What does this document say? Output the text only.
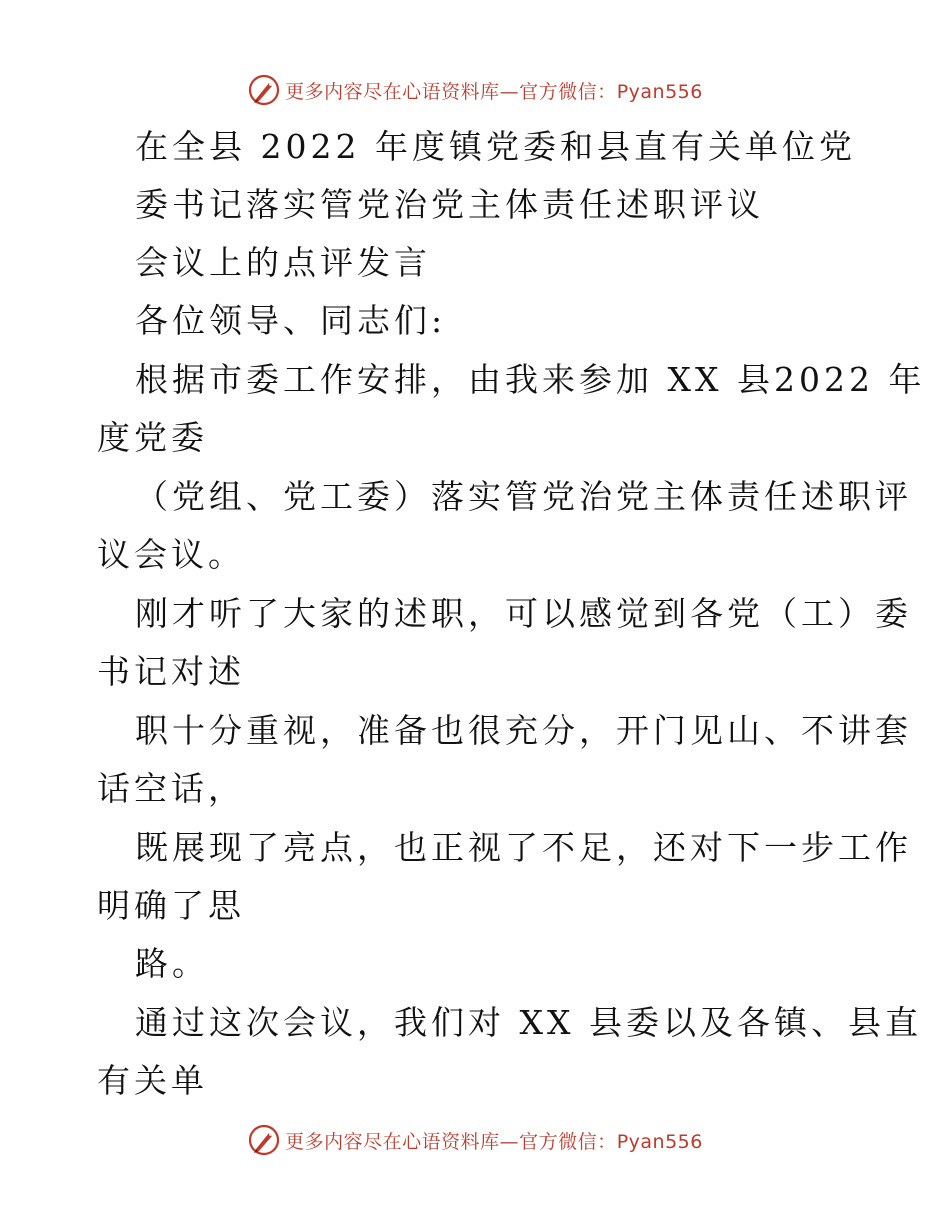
更多内容尽在心语资料库—官方微信：Pyan556
在全县 2022 年度镇党委和县直有关单位党
委书记落实管党治党主体责任述职评议
会议上的点评发言
各位领导、同志们:
根据市委工作安排，由我来参加 XX 县2022 年
度党委
（党组、党工委）落实管党治党主体责任述职评
议会议。
刚才听了大家的述职，可以感觉到各党（工）委
书记对述
职十分重视，准备也很充分，开门见山、不讲套
话空话，
既展现了亮点，也正视了不足，还对下一步工作
明确了思
路。
通过这次会议，我们对 XX 县委以及各镇、县直
有关单
更多内容尽在心语资料库—官方微信：Pyan556
